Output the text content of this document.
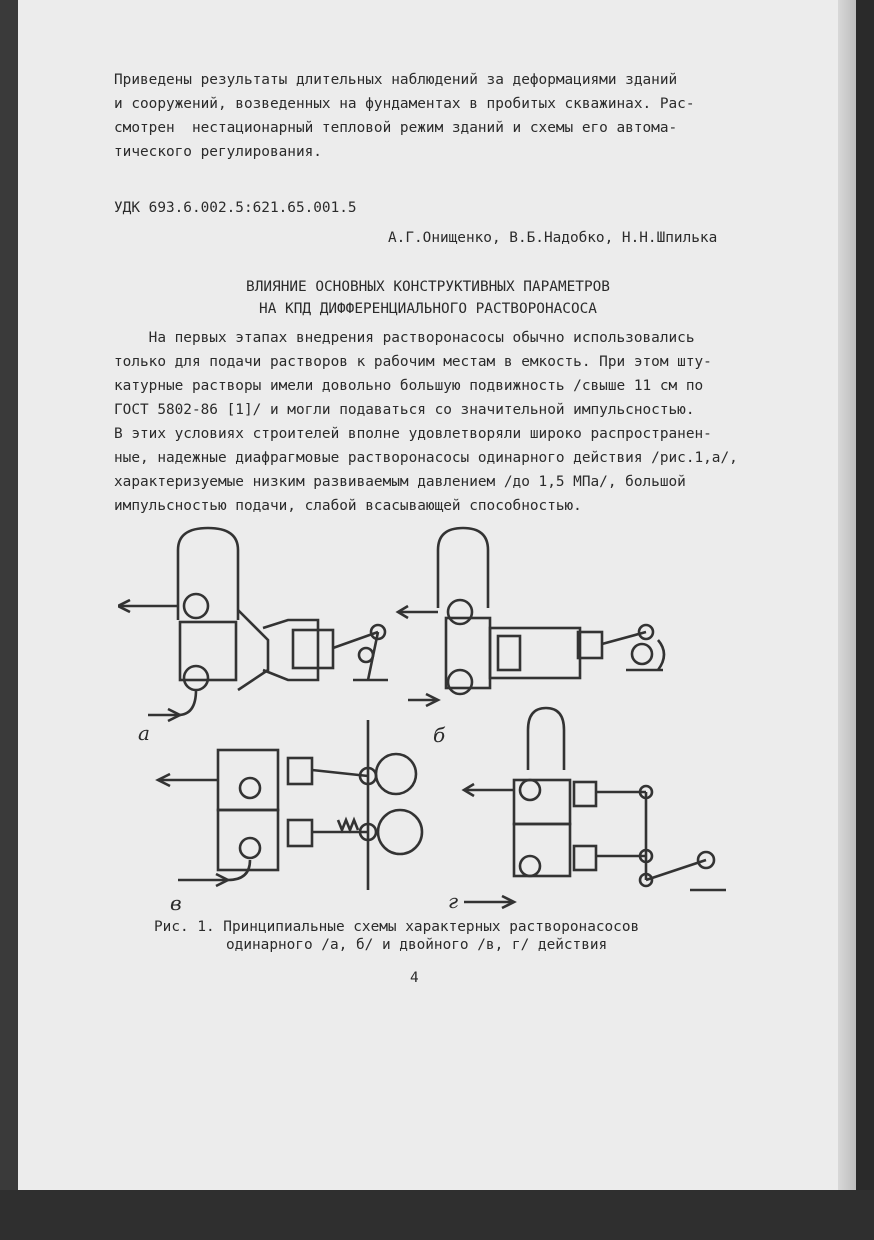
Приведены результаты длительных наблюдений за деформациями зданий
и сооружений, возведенных на фундаментах в пробитых скважинах. Рас-
смотрен  нестационарный тепловой режим зданий и схемы его автома-
тического регулирования.

УДК 693.6.002.5:621.65.001.5
А.Г.Онищенко, В.Б.Надобко, Н.Н.Шпилька
ВЛИЯНИЕ ОСНОВНЫХ КОНСТРУКТИВНЫХ ПАРАМЕТРОВ
НА КПД ДИФФЕРЕНЦИАЛЬНОГО РАСТВОРОНАСОСА

На первых этапах внедрения растворонасосы обычно использовались
только для подачи растворов к рабочим местам в емкость. При этом шту-
катурные растворы имели довольно большую подвижность /свыше 11 см по
ГОСТ 5802-86 [1]/ и могли подаваться со значительной импульсностью.
В этих условиях строителей вполне удовлетворяли широко распространен-
ные, надежные диафрагмовые растворонасосы одинарного действия /рис.1,а/,
характеризуемые низким развиваемым давлением /до 1,5 МПа/, большой
импульсностью подачи, слабой всасывающей способностью.

а	б
в	г
Рис. 1. Принципиальные схемы характерных растворонасосов
одинарного /а, б/ и двойного /в, г/ действия
4
